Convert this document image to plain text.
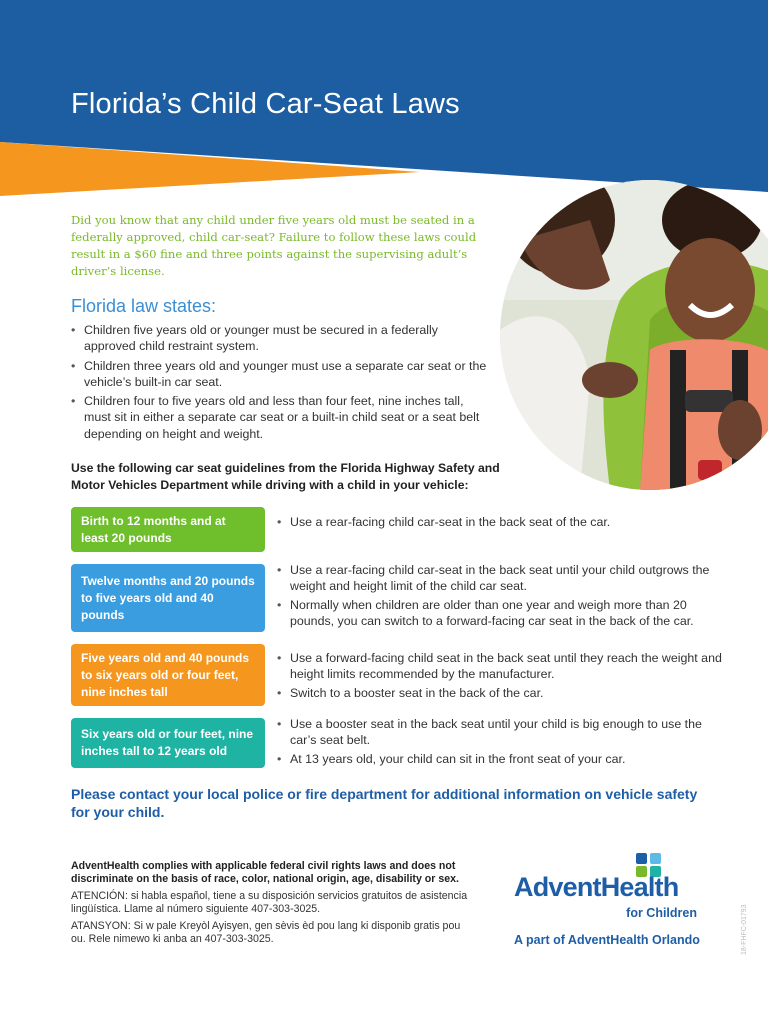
Florida’s Child Car-Seat Laws

Did you know that any child under five years old must be seated in a federally approved, child car-seat? Failure to follow these laws could result in a $60 fine and three points against the supervising adult’s driver’s license.

Florida law states:
• Children five years old or younger must be secured in a federally approved child restraint system.
• Children three years old and younger must use a separate car seat or the vehicle’s built-in car seat.
• Children four to five years old and less than four feet, nine inches tall, must sit in either a separate car seat or a built-in child seat or a seat belt depending on height and weight.

Use the following car seat guidelines from the Florida Highway Safety and Motor Vehicles Department while driving with a child in your vehicle:

Birth to 12 months and at least 20 pounds
• Use a rear-facing child car-seat in the back seat of the car.
Twelve months and 20 pounds to five years old and 40 pounds
• Use a rear-facing child car-seat in the back seat until your child outgrows the weight and height limit of the child car seat.
• Normally when children are older than one year and weigh more than 20 pounds, you can switch to a forward-facing car seat in the back of the car.
Five years old and 40 pounds to six years old or four feet, nine inches tall
• Use a forward-facing child seat in the back seat until they reach the weight and height limits recommended by the manufacturer.
• Switch to a booster seat in the back of the car.
Six years old or four feet, nine inches tall to 12 years old
• Use a booster seat in the back seat until your child is big enough to use the car’s seat belt.
• At 13 years old, your child can sit in the front seat of your car.

Please contact your local police or fire department for additional information on vehicle safety for your child.

AdventHealth complies with applicable federal civil rights laws and does not discriminate on the basis of race, color, national origin, age, disability or sex.

ATENCIÓN: si habla español, tiene a su disposición servicios gratuitos de asistencia lingüística. Llame al número siguiente 407-303-3025.

ATANSYON: Si w pale Kreyòl Ayisyen, gen sèvis èd pou lang ki disponib gratis pou ou. Rele nimewo ki anba an 407-303-3025.

AdventHealth
for Children
A part of AdventHealth Orlando	18-FHFC-01793
